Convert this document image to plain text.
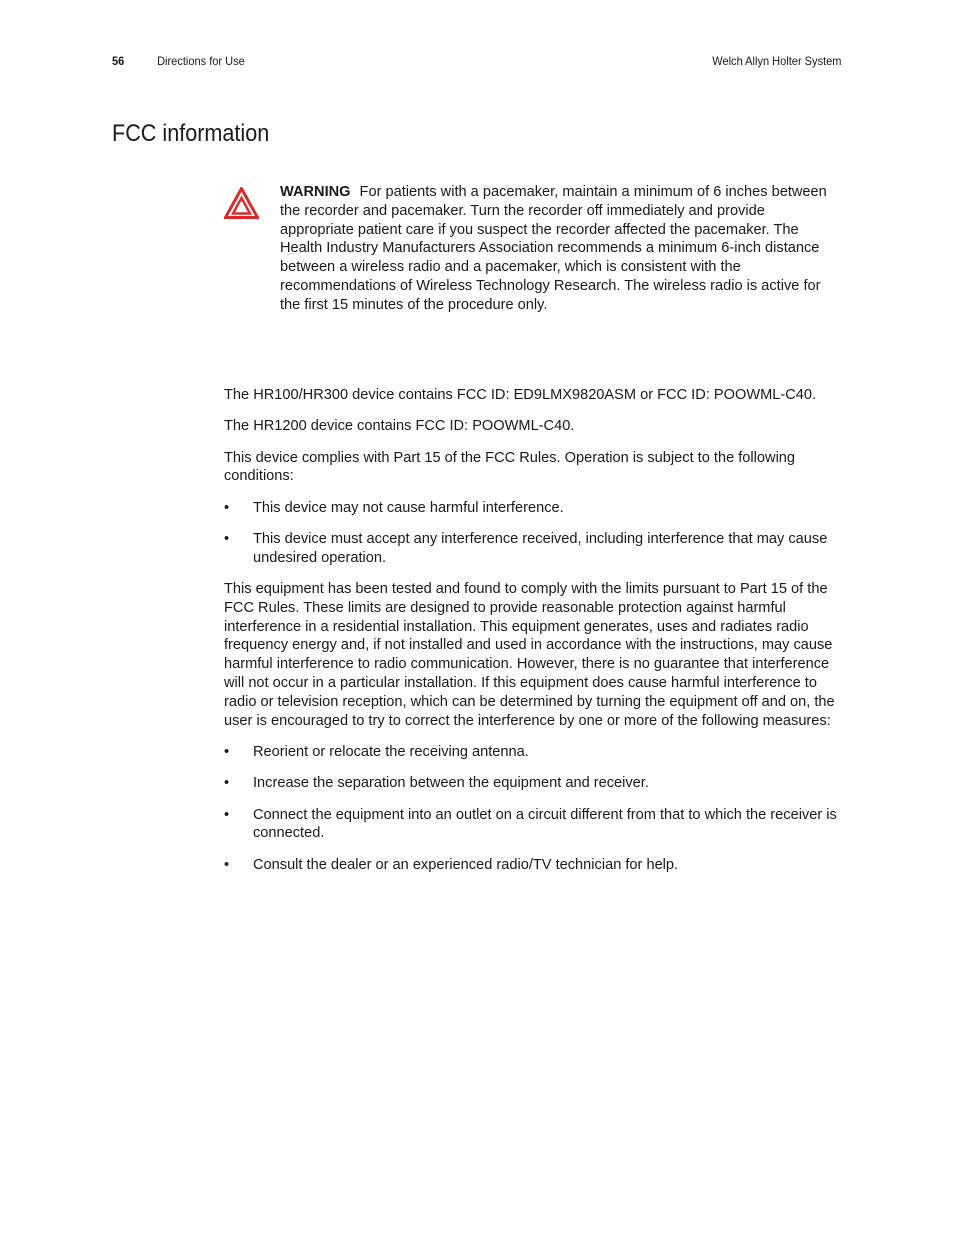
56	Directions for Use	Welch Allyn Holter System
FCC information

WARNING For patients with a pacemaker, maintain a minimum of 6 inches between the recorder and pacemaker. Turn the recorder off immediately and provide appropriate patient care if you suspect the recorder affected the pacemaker. The Health Industry Manufacturers Association recommends a minimum 6-inch distance between a wireless radio and a pacemaker, which is consistent with the recommendations of Wireless Technology Research. The wireless radio is active for the first 15 minutes of the procedure only.

The HR100/HR300 device contains FCC ID: ED9LMX9820ASM or FCC ID: POOWML-C40.

The HR1200 device contains FCC ID: POOWML-C40.

This device complies with Part 15 of the FCC Rules. Operation is subject to the following conditions:

• This device may not cause harmful interference.
• This device must accept any interference received, including interference that may cause undesired operation.

This equipment has been tested and found to comply with the limits pursuant to Part 15 of the FCC Rules. These limits are designed to provide reasonable protection against harmful interference in a residential installation. This equipment generates, uses and radiates radio frequency energy and, if not installed and used in accordance with the instructions, may cause harmful interference to radio communication. However, there is no guarantee that interference will not occur in a particular installation. If this equipment does cause harmful interference to radio or television reception, which can be determined by turning the equipment off and on, the user is encouraged to try to correct the interference by one or more of the following measures:

• Reorient or relocate the receiving antenna.
• Increase the separation between the equipment and receiver.
• Connect the equipment into an outlet on a circuit different from that to which the receiver is connected.
• Consult the dealer or an experienced radio/TV technician for help.
